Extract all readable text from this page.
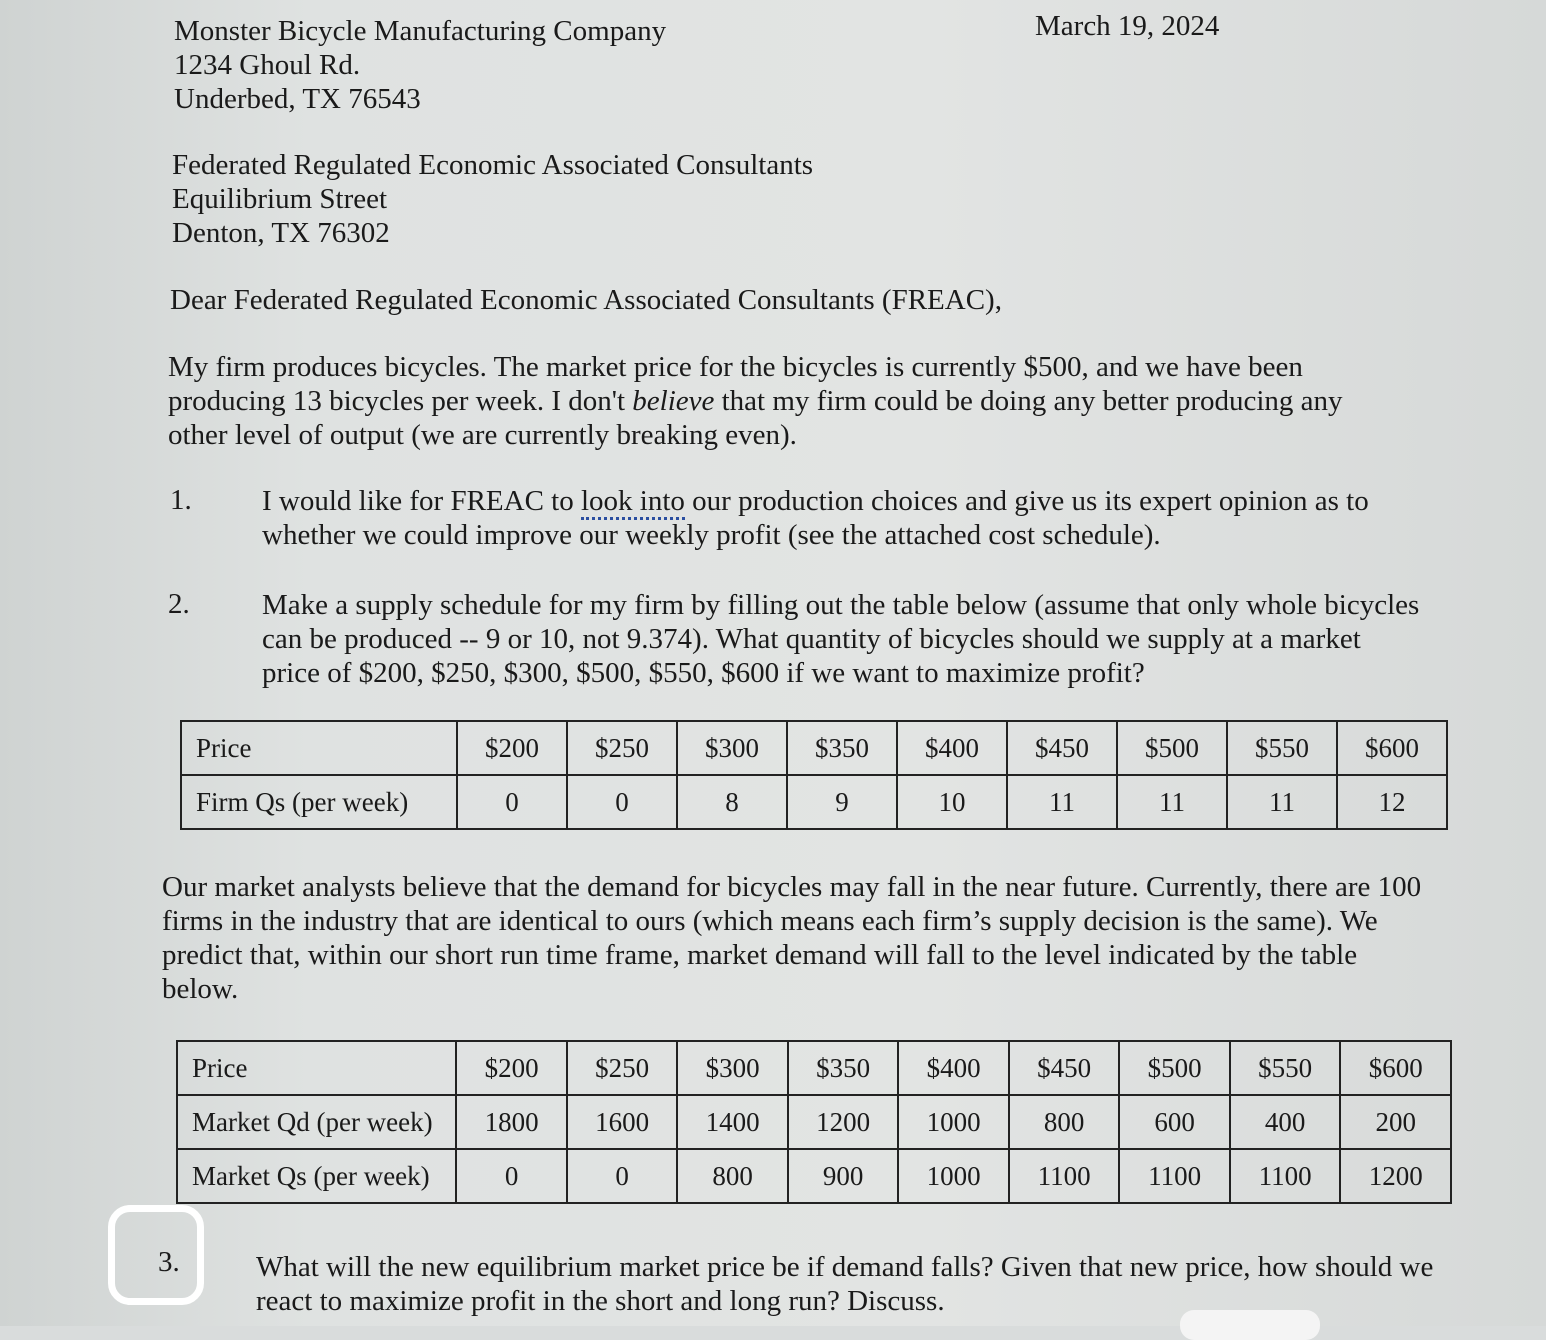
Monster Bicycle Manufacturing Company
1234 Ghoul Rd.
Underbed, TX 76543
March 19, 2024
Federated Regulated Economic Associated Consultants
Equilibrium Street
Denton, TX 76302
Dear Federated Regulated Economic Associated Consultants (FREAC),
My firm produces bicycles. The market price for the bicycles is currently $500, and we have been producing 13 bicycles per week. I don't believe that my firm could be doing any better producing any other level of output (we are currently breaking even).
1. I would like for FREAC to look into our production choices and give us its expert opinion as to whether we could improve our weekly profit (see the attached cost schedule).
2. Make a supply schedule for my firm by filling out the table below (assume that only whole bicycles can be produced -- 9 or 10, not 9.374). What quantity of bicycles should we supply at a market price of $200, $250, $300, $500, $550, $600 if we want to maximize profit?
Price	$200	$250	$300	$350	$400	$450	$500	$550	$600
Firm Qs (per week)	0	0	8	9	10	11	11	11	12
Our market analysts believe that the demand for bicycles may fall in the near future. Currently, there are 100 firms in the industry that are identical to ours (which means each firm’s supply decision is the same). We predict that, within our short run time frame, market demand will fall to the level indicated by the table below.
Price	$200	$250	$300	$350	$400	$450	$500	$550	$600
Market Qd (per week)	1800	1600	1400	1200	1000	800	600	400	200
Market Qs (per week)	0	0	800	900	1000	1100	1100	1100	1200
3.	What will the new equilibrium market price be if demand falls? Given that new price, how should we react to maximize profit in the short and long run? Discuss.
